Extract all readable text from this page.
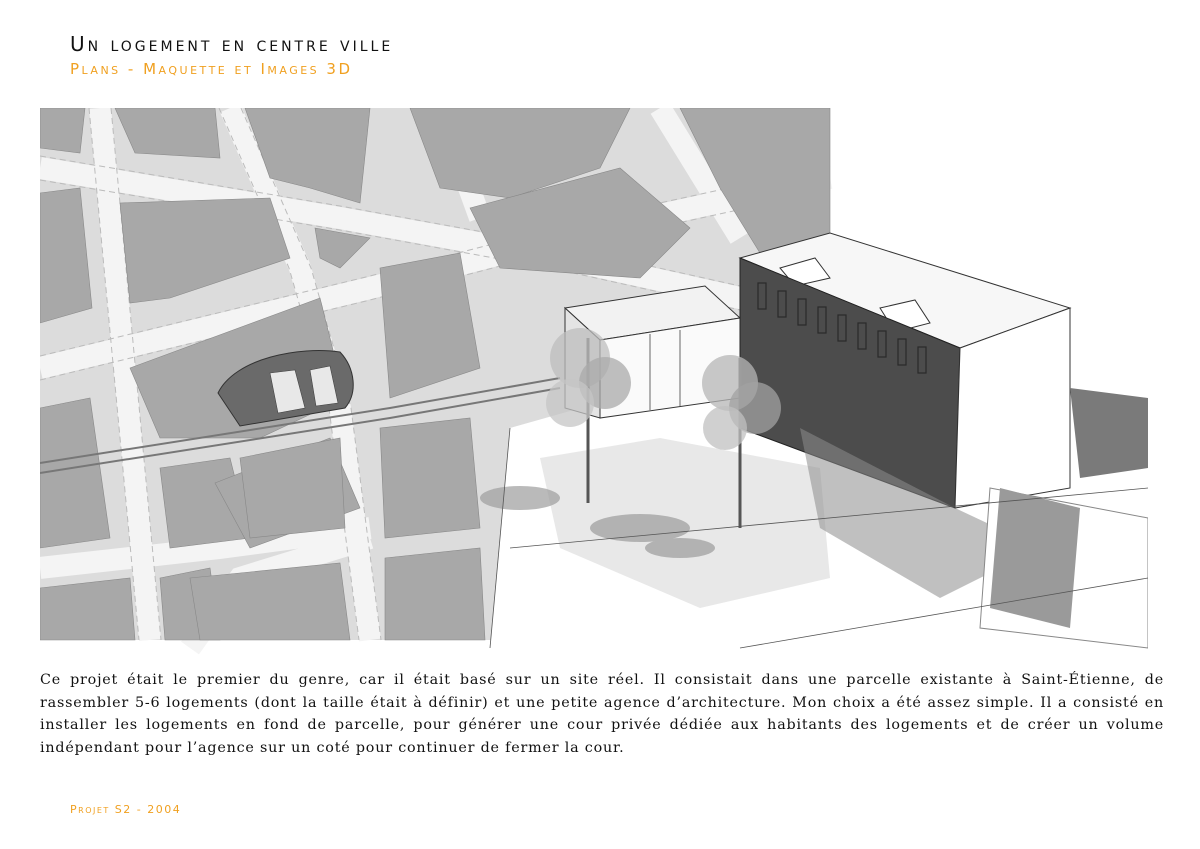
Un logement en centre ville
Plans - Maquette et Images 3D

Ce projet était le premier du genre, car il était basé sur un site réel. Il consistait dans une parcelle existante à Saint-Étienne, de rassembler 5-6 logements (dont la taille était à définir) et une petite agence d’architecture. Mon choix a été assez simple. Il a consisté en installer les logements en fond de parcelle, pour générer une cour privée dédiée aux habitants des logements et de créer un volume indépendant pour l’agence sur un coté pour continuer de fermer la cour.

Projet S2 - 2004
